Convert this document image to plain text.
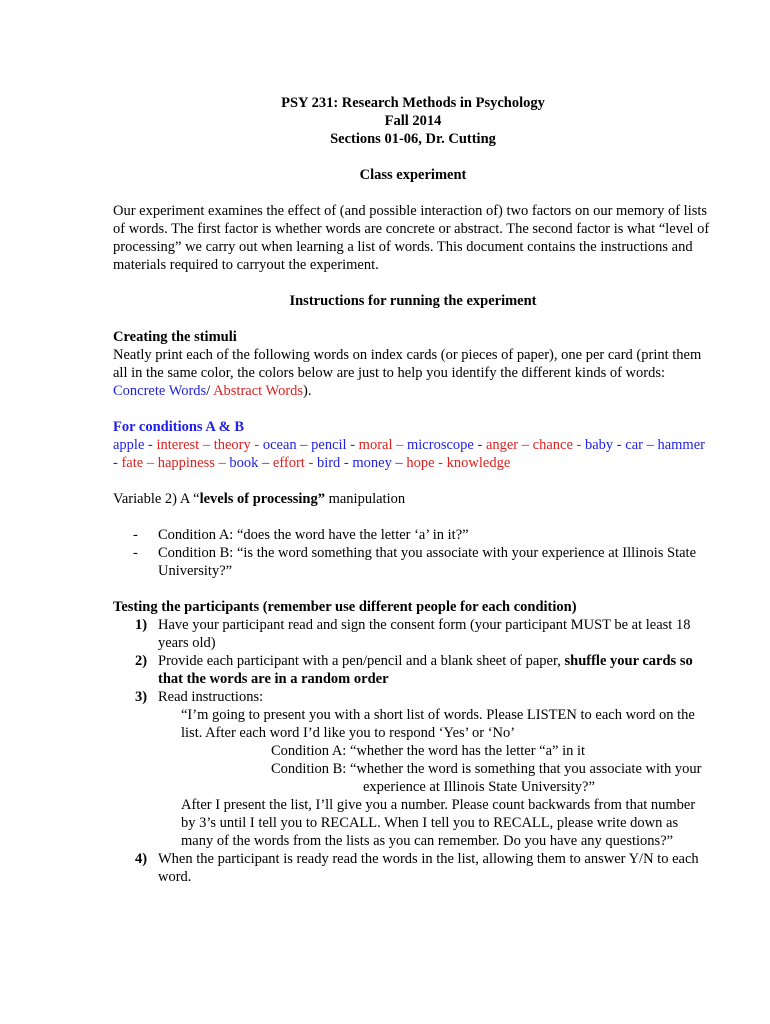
PSY 231: Research Methods in Psychology

Fall 2014

Sections 01-06, Dr. Cutting

Class experiment

Our experiment examines the effect of (and possible interaction of) two factors on our memory of lists of words. The first factor is whether words are concrete or abstract. The second factor is what “level of processing” we carry out when learning a list of words. This document contains the instructions and materials required to carryout the experiment.

Instructions for running the experiment

Creating the stimuli

Neatly print each of the following words on index cards (or pieces of paper), one per card (print them all in the same color, the colors below are just to help you identify the different kinds of words: Concrete Words/ Abstract Words).

For conditions A & B

apple - interest – theory - ocean – pencil - moral – microscope - anger – chance - baby - car – hammer - fate – happiness – book – effort - bird - money – hope - knowledge

Variable 2) A “levels of processing” manipulation

- Condition A: “does the word have the letter ‘a’ in it?”
- Condition B: “is the word something that you associate with your experience at Illinois State University?”

Testing the participants (remember use different people for each condition)

1) Have your participant read and sign the consent form (your participant MUST be at least 18 years old)
2) Provide each participant with a pen/pencil and a blank sheet of paper, shuffle your cards so that the words are in a random order
3) Read instructions:

“I’m going to present you with a short list of words. Please LISTEN to each word on the list. After each word I’d like you to respond ‘Yes’ or ‘No’

Condition A: “whether the word has the letter “a” in it

Condition B: “whether the word is something that you associate with your

experience at Illinois State University?”

After I present the list, I’ll give you a number. Please count backwards from that number by 3’s until I tell you to RECALL. When I tell you to RECALL, please write down as many of the words from the lists as you can remember. Do you have any questions?”

4) When the participant is ready read the words in the list, allowing them to answer Y/N to each word.
